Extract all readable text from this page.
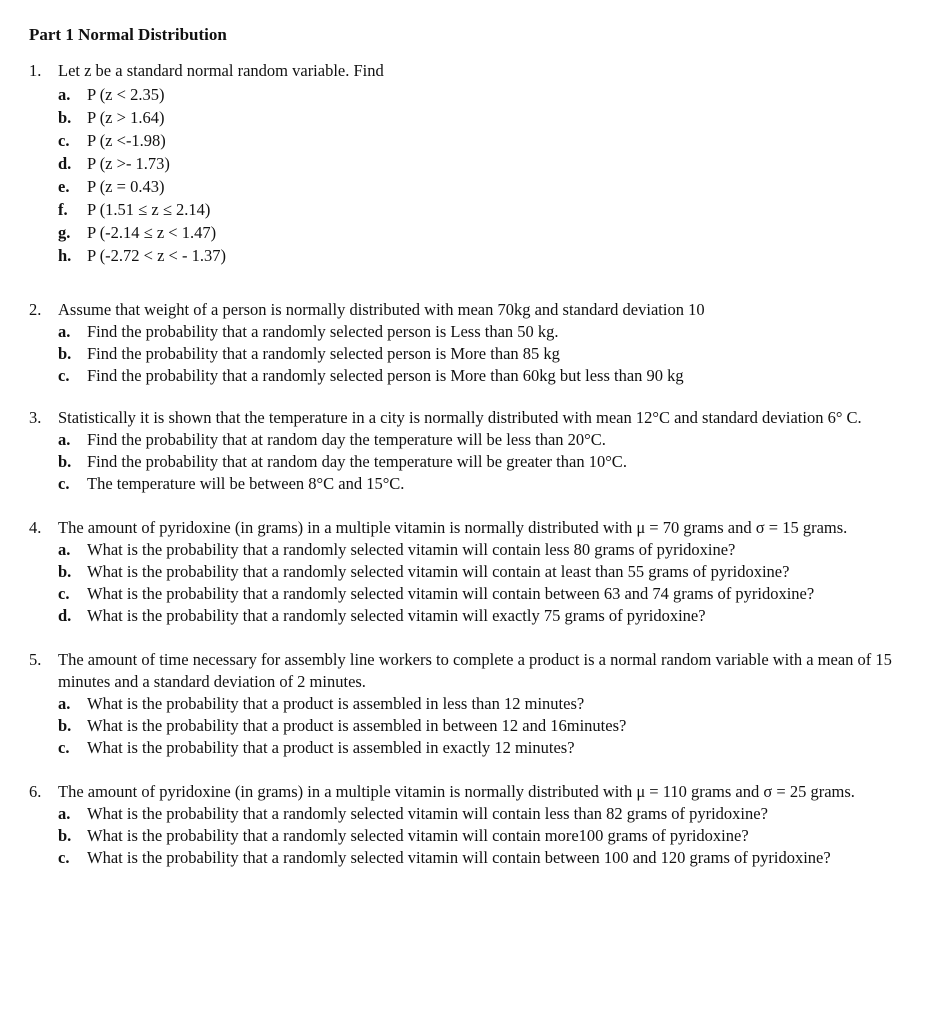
Part 1 Normal Distribution
1. Let z be a standard normal random variable. Find
a. P (z < 2.35)
b. P (z > 1.64)
c. P (z <-1.98)
d. P (z >- 1.73)
e. P (z = 0.43)
f. P (1.51 ≤ z ≤ 2.14)
g. P (-2.14 ≤ z < 1.47)
h. P (-2.72 < z < - 1.37)
2. Assume that weight of a person is normally distributed with mean 70kg and standard deviation 10
a. Find the probability that a randomly selected person is Less than 50 kg.
b. Find the probability that a randomly selected person is More than 85 kg
c. Find the probability that a randomly selected person is More than 60kg but less than 90 kg
3. Statistically it is shown that the temperature in a city is normally distributed with mean 12°C and standard deviation 6° C.
a. Find the probability that at random day the temperature will be less than 20°C.
b. Find the probability that at random day the temperature will be greater than 10°C.
c. The temperature will be between 8°C and 15°C.
4. The amount of pyridoxine (in grams) in a multiple vitamin is normally distributed with μ = 70 grams and σ = 15 grams.
a. What is the probability that a randomly selected vitamin will contain less 80 grams of pyridoxine?
b. What is the probability that a randomly selected vitamin will contain at least than 55 grams of pyridoxine?
c. What is the probability that a randomly selected vitamin will contain between 63 and 74 grams of pyridoxine?
d. What is the probability that a randomly selected vitamin will exactly 75 grams of pyridoxine?
5. The amount of time necessary for assembly line workers to complete a product is a normal random variable with a mean of 15 minutes and a standard deviation of 2 minutes.
a. What is the probability that a product is assembled in less than 12 minutes?
b. What is the probability that a product is assembled in between 12 and 16minutes?
c. What is the probability that a product is assembled in exactly 12 minutes?
6. The amount of pyridoxine (in grams) in a multiple vitamin is normally distributed with μ = 110 grams and σ = 25 grams.
a. What is the probability that a randomly selected vitamin will contain less than 82 grams of pyridoxine?
b. What is the probability that a randomly selected vitamin will contain more100 grams of pyridoxine?
c. What is the probability that a randomly selected vitamin will contain between 100 and 120 grams of pyridoxine?
